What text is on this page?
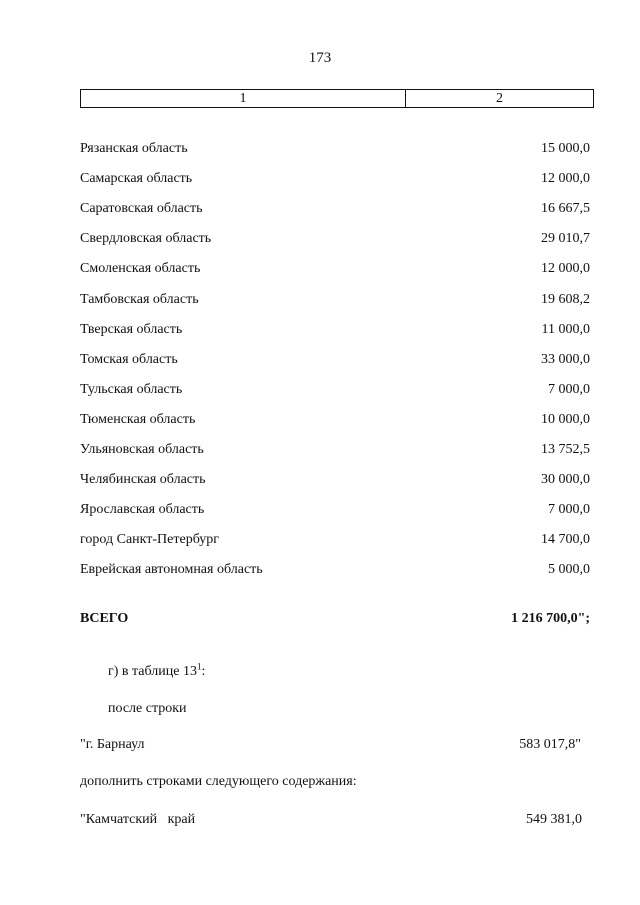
173
1	2
Рязанская область	15 000,0
Самарская область	12 000,0
Саратовская область	16 667,5
Свердловская область	29 010,7
Смоленская область	12 000,0
Тамбовская область	19 608,2
Тверская область	11 000,0
Томская область	33 000,0
Тульская область	7 000,0
Тюменская область	10 000,0
Ульяновская область	13 752,5
Челябинская область	30 000,0
Ярославская область	7 000,0
город Санкт-Петербург	14 700,0
Еврейская автономная область	5 000,0
ВСЕГО	1 216 700,0";
г) в таблице $13^1$:
после строки
"г. Барнаул	583 017,8"
дополнить строками следующего содержания:
"Камчатский   край	549 381,0
